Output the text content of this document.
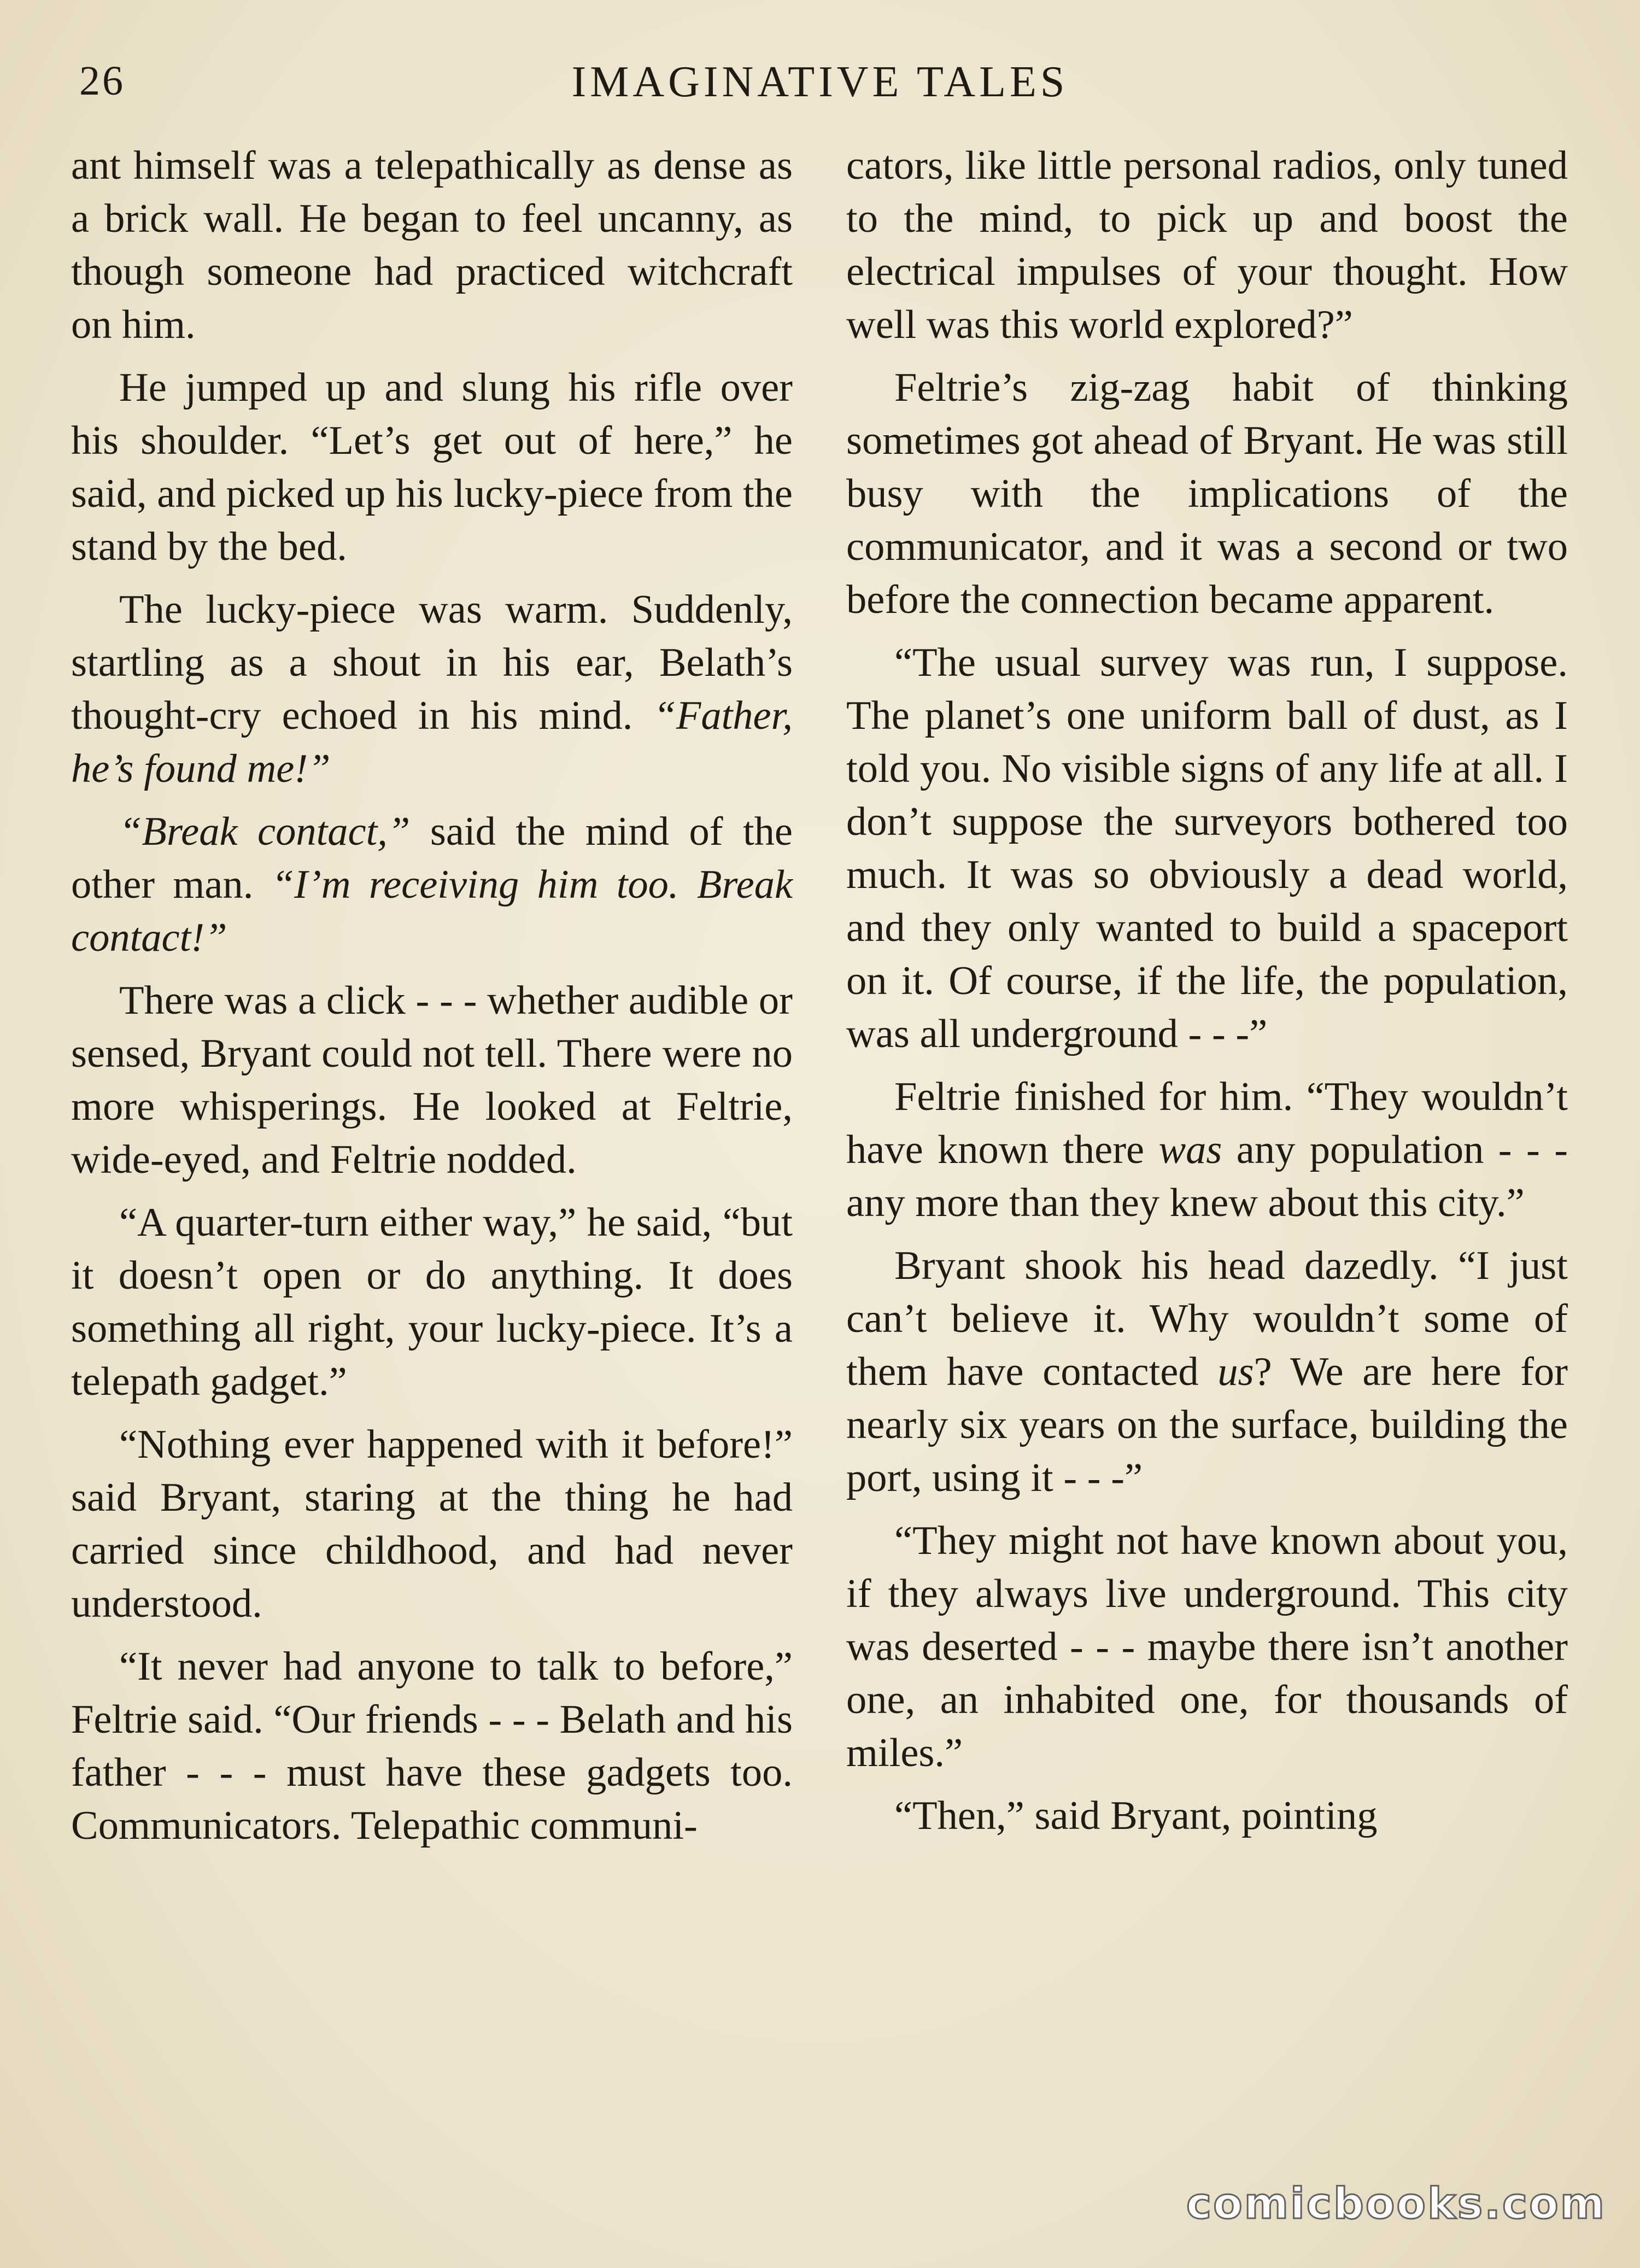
26	IMAGINATIVE TALES

ant himself was a telepathically as dense as a brick wall. He began to feel uncanny, as though someone had practiced witchcraft on him.

He jumped up and slung his rifle over his shoulder. “Let’s get out of here,” he said, and picked up his lucky-piece from the stand by the bed.

The lucky-piece was warm. Suddenly, startling as a shout in his ear, Belath’s thought-cry echoed in his mind. “Father, he’s found me!”

“Break contact,” said the mind of the other man. “I’m receiving him too. Break contact!”

There was a click - - - whether audible or sensed, Bryant could not tell. There were no more whisperings. He looked at Feltrie, wide-eyed, and Feltrie nodded.

“A quarter-turn either way,” he said, “but it doesn’t open or do anything. It does something all right, your lucky-piece. It’s a telepath gadget.”

“Nothing ever happened with it before!” said Bryant, staring at the thing he had carried since childhood, and had never understood.

“It never had anyone to talk to before,” Feltrie said. “Our friends - - - Belath and his father - - - must have these gadgets too. Communicators. Telepathic communi-

cators, like little personal radios, only tuned to the mind, to pick up and boost the electrical impulses of your thought. How well was this world explored?”

Feltrie’s zig-zag habit of thinking sometimes got ahead of Bryant. He was still busy with the implications of the communicator, and it was a second or two before the connection became apparent.

“The usual survey was run, I suppose. The planet’s one uniform ball of dust, as I told you. No visible signs of any life at all. I don’t suppose the surveyors bothered too much. It was so obviously a dead world, and they only wanted to build a spaceport on it. Of course, if the life, the population, was all underground - - -”

Feltrie finished for him. “They wouldn’t have known there was any population - - - any more than they knew about this city.”

Bryant shook his head dazedly. “I just can’t believe it. Why wouldn’t some of them have contacted us? We are here for nearly six years on the surface, building the port, using it - - -”

“They might not have known about you, if they always live underground. This city was deserted - - - maybe there isn’t another one, an inhabited one, for thousands of miles.”

“Then,” said Bryant, pointing

comicbooks.com
